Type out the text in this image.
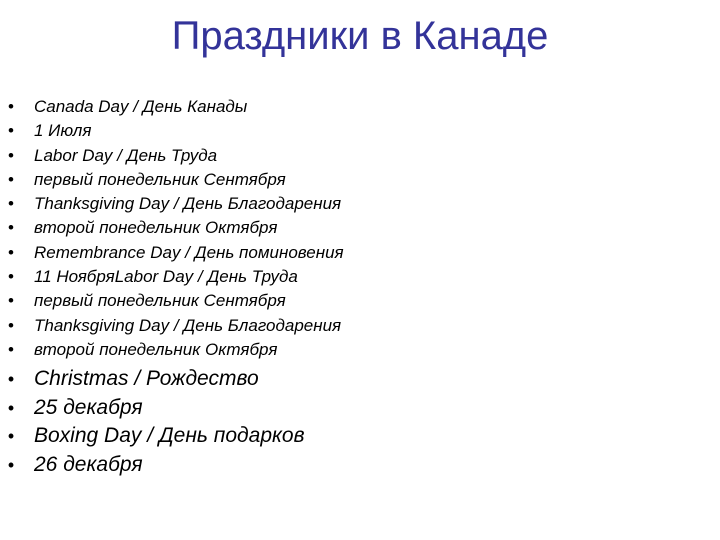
Праздники в Канаде
• Canada Day / День Канады
• 1 Июля
• Labor Day / День Труда
• первый понедельник Сентября
• Thanksgiving Day / День Благодарения
• второй понедельник Октября
• Remembrance Day / День поминовения
• 11 НоябряLabor Day / День Труда
• первый понедельник Сентября
• Thanksgiving Day / День Благодарения
• второй понедельник Октября
• Christmas / Рождество
• 25 декабря
• Boxing Day / День подарков
• 26 декабря
